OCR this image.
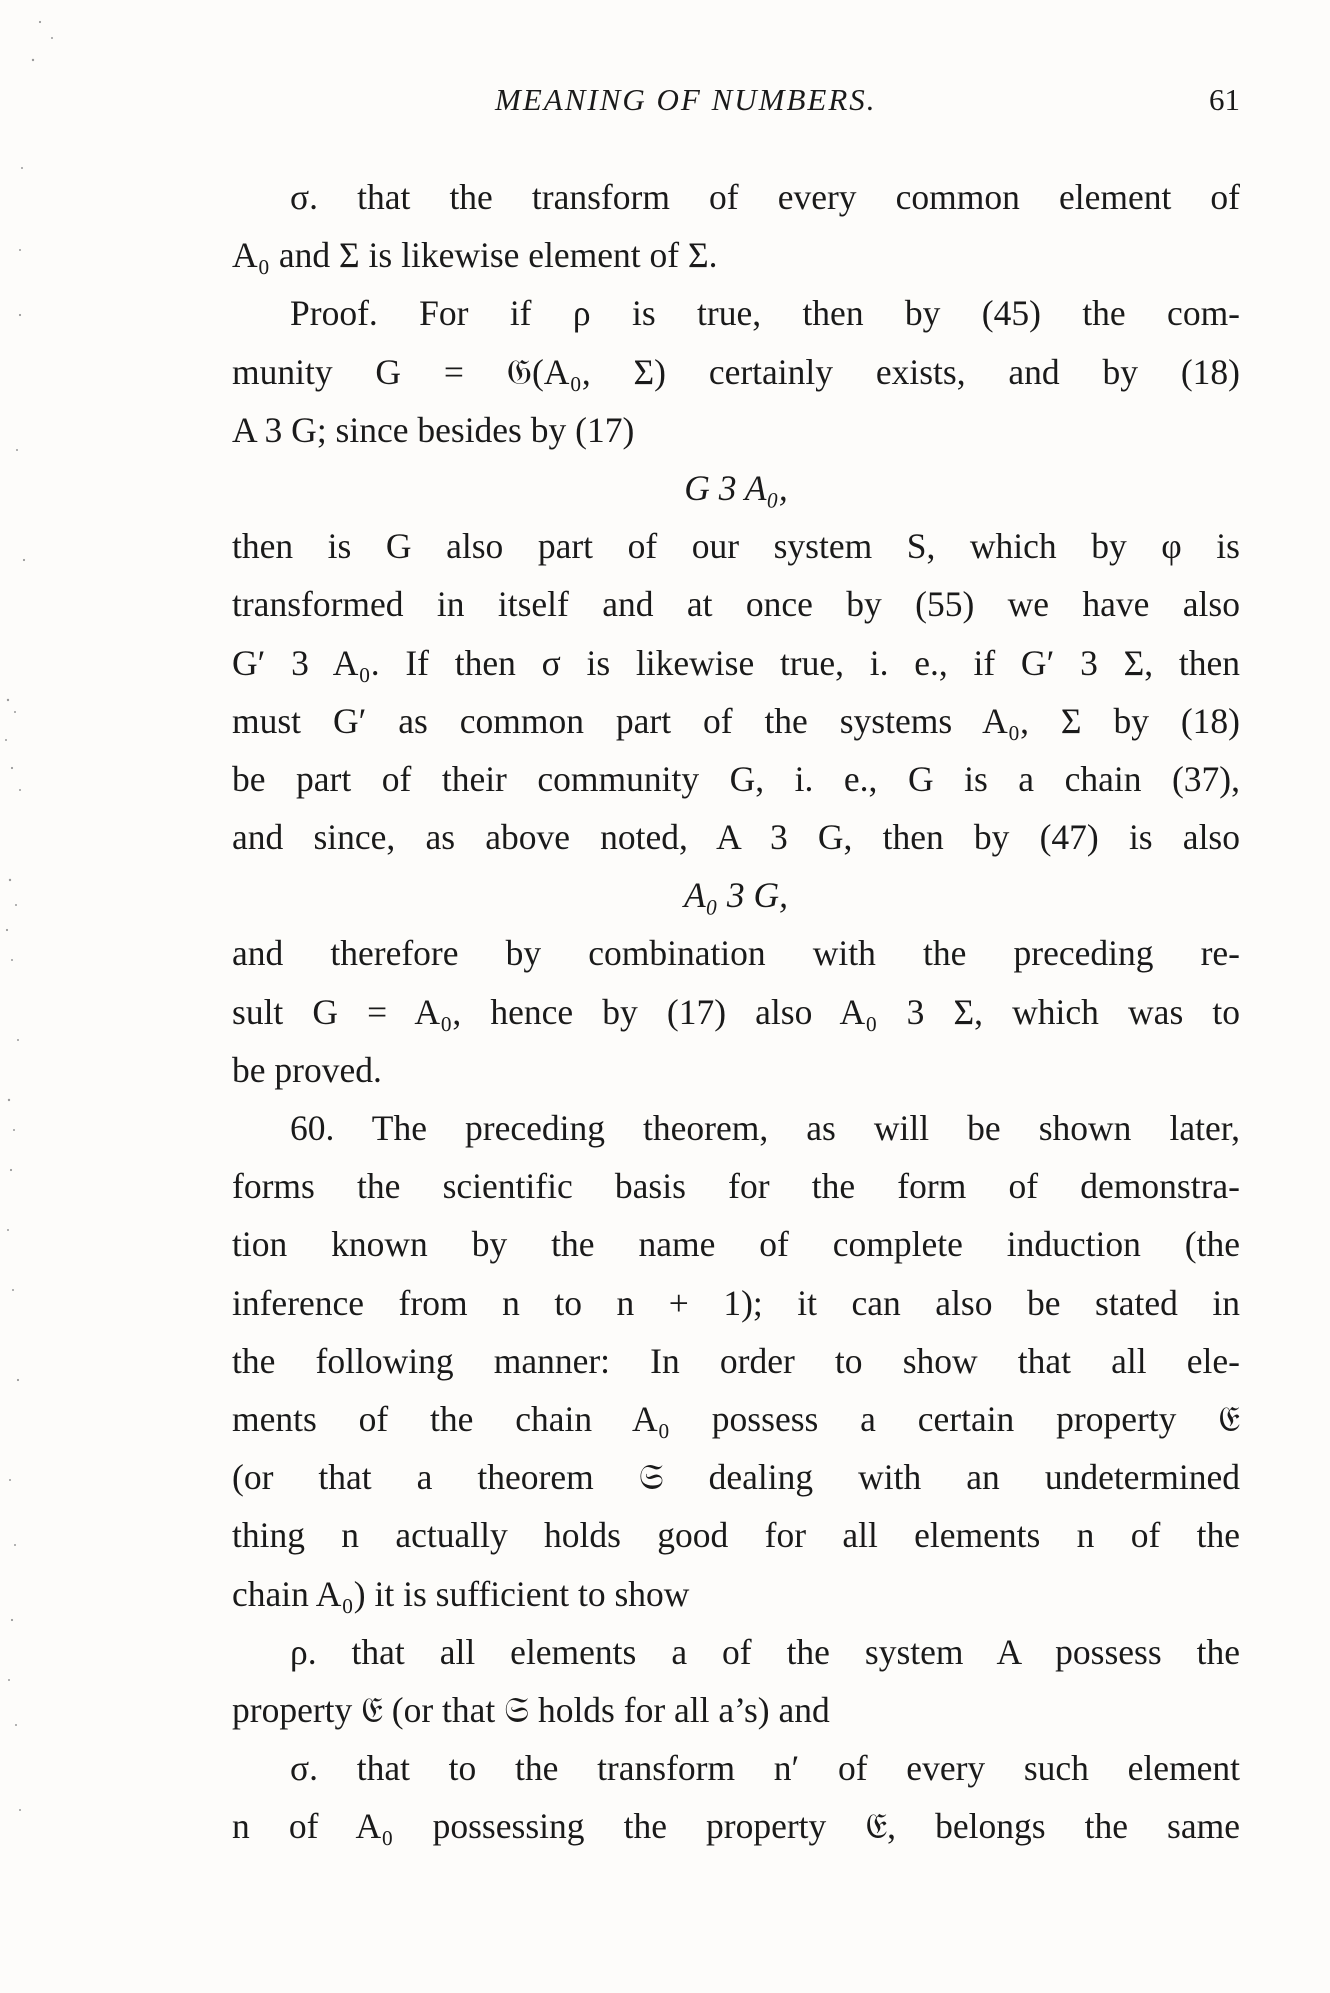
MEANING OF NUMBERS.	61
σ. that the transform of every common element of
A₀ and Σ is likewise element of Σ.
Proof. For if ρ is true, then by (45) the com-
munity G = 𝔊(A₀, Σ) certainly exists, and by (18)
A 3 G; since besides by (17)
G 3 A₀,
then is G also part of our system S, which by φ is
transformed in itself and at once by (55) we have also
G′ 3 A₀. If then σ is likewise true, i. e., if G′ 3 Σ, then
must G′ as common part of the systems A₀, Σ by (18)
be part of their community G, i. e., G is a chain (37),
and since, as above noted, A 3 G, then by (47) is also
A₀ 3 G,
and therefore by combination with the preceding re-
sult G = A₀, hence by (17) also A₀ 3 Σ, which was to
be proved.
60. The preceding theorem, as will be shown later,
forms the scientific basis for the form of demonstra-
tion known by the name of complete induction (the
inference from n to n + 1); it can also be stated in
the following manner: In order to show that all ele-
ments of the chain A₀ possess a certain property 𝔈
(or that a theorem 𝔖 dealing with an undetermined
thing n actually holds good for all elements n of the
chain A₀) it is sufficient to show
ρ. that all elements a of the system A possess the
property 𝔈 (or that 𝔖 holds for all a’s) and
σ. that to the transform n′ of every such element
n of A₀ possessing the property 𝔈, belongs the same
